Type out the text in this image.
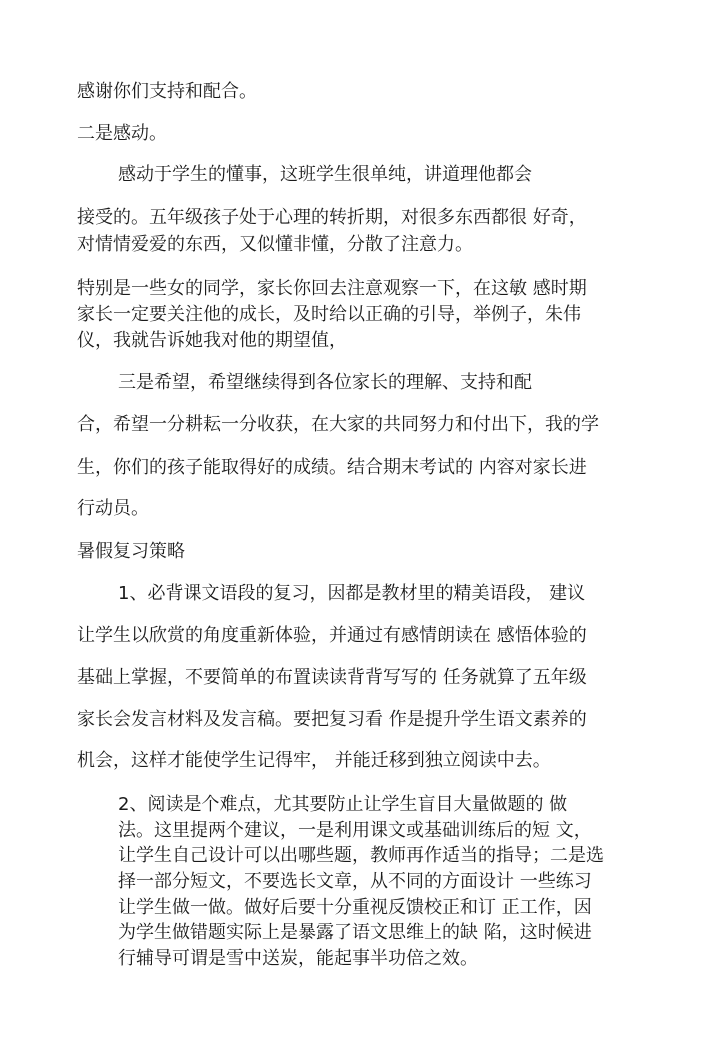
感谢你们支持和配合。

二是感动。

感动于学生的懂事，这班学生很单纯，讲道理他都会

接受的。五年级孩子处于心理的转折期，对很多东西都很 好奇，

对情情爱爱的东西，又似懂非懂，分散了注意力。

特别是一些女的同学，家长你回去注意观察一下，在这敏 感时期

家长一定要关注他的成长，及时给以正确的引导，举例子，朱伟

仪，我就告诉她我对他的期望值，

三是希望，希望继续得到各位家长的理解、支持和配

合，希望一分耕耘一分收获，在大家的共同努力和付出下，我的学

生，你们的孩子能取得好的成绩。结合期末考试的 内容对家长进

行动员。

暑假复习策略

1、必背课文语段的复习，因都是教材里的精美语段， 建议

让学生以欣赏的角度重新体验，并通过有感情朗读在 感悟体验的

基础上掌握，不要简单的布置读读背背写写的 任务就算了五年级

家长会发言材料及发言稿。要把复习看 作是提升学生语文素养的

机会，这样才能使学生记得牢， 并能迁移到独立阅读中去。

2、阅读是个难点，尤其要防止让学生盲目大量做题的 做

法。这里提两个建议，一是利用课文或基础训练后的短 文，

让学生自己设计可以出哪些题，教师再作适当的指导；二是选

择一部分短文，不要选长文章，从不同的方面设计 一些练习

让学生做一做。做好后要十分重视反馈校正和订 正工作，因

为学生做错题实际上是暴露了语文思维上的缺 陷，这时候进

行辅导可谓是雪中送炭，能起事半功倍之效。
